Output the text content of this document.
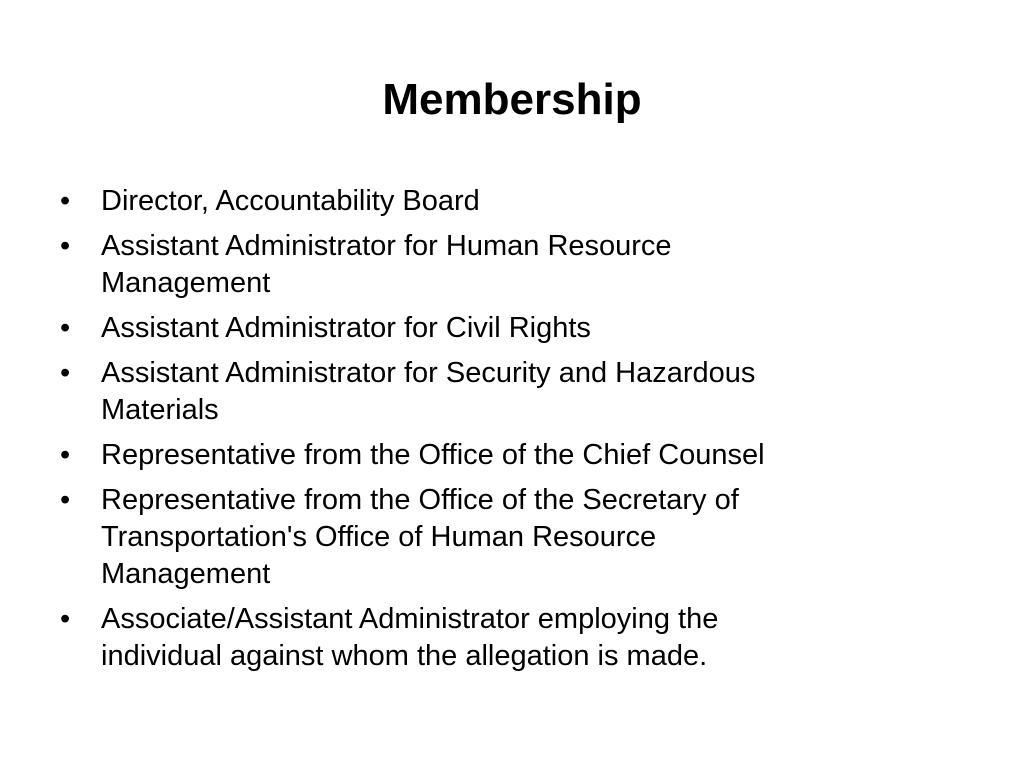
Membership
• Director, Accountability Board
• Assistant Administrator for Human Resource
Management
• Assistant Administrator for Civil Rights
• Assistant Administrator for Security and Hazardous
Materials
• Representative from the Office of the Chief Counsel
• Representative from the Office of the Secretary of
Transportation's Office of Human Resource
Management
• Associate/Assistant Administrator employing the
individual against whom the allegation is made.
